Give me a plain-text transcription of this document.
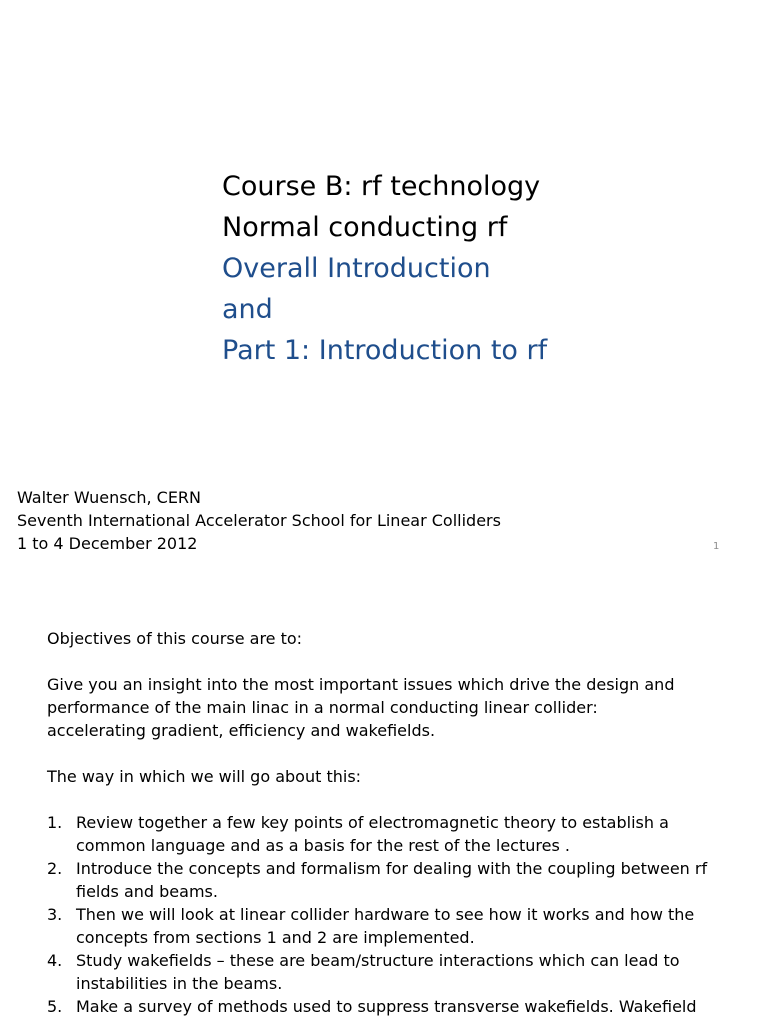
Course B: rf technology
Normal conducting rf
Overall Introduction
and
Part 1: Introduction to rf
Walter Wuensch, CERN
Seventh International Accelerator School for Linear Colliders
1 to 4 December 2012	1

Objectives of this course are to:

Give you an insight into the most important issues which drive the design and
performance of the main linac in a normal conducting linear collider:
accelerating gradient, efficiency and wakefields.

The way in which we will go about this:

1. Review together a few key points of electromagnetic theory to establish a
common language and as a basis for the rest of the lectures .
2. Introduce the concepts and formalism for dealing with the coupling between rf
fields and beams.
3. Then we will look at linear collider hardware to see how it works and how the
concepts from sections 1 and 2 are implemented.
4. Study wakefields – these are beam/structure interactions which can lead to
instabilities in the beams.
5. Make a survey of methods used to suppress transverse wakefields. Wakefield
